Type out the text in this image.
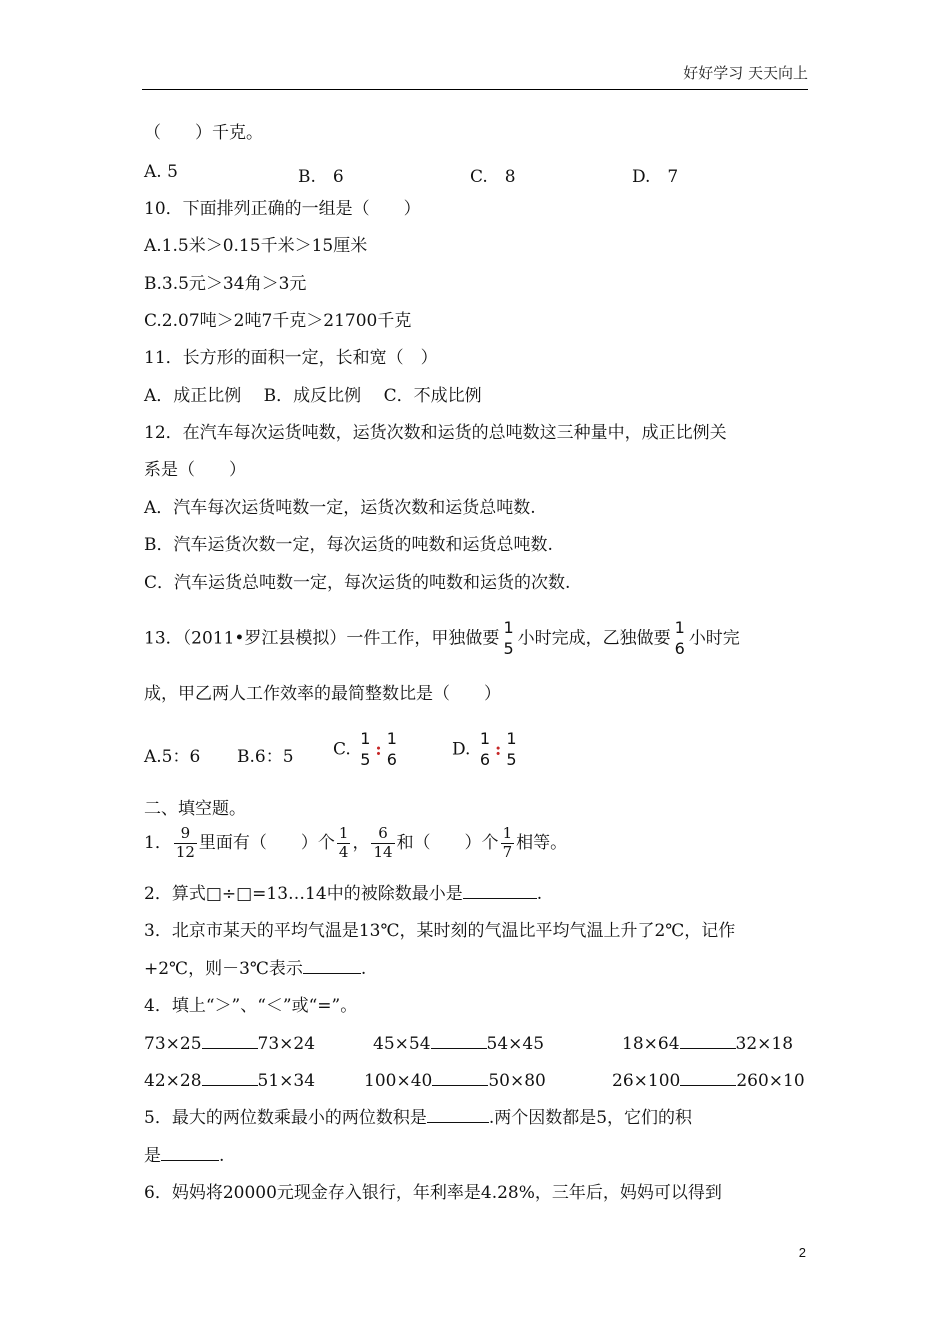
好好学习 天天向上
（　　）千克。
A. 5	B.　6	C.　8	D.　7
10．下面排列正确的一组是（　　）
A.1.5米＞0.15千米＞15厘米
B.3.5元＞34角＞3元
C.2.07吨＞2吨7千克＞21700千克
11．长方形的面积一定，长和宽（　）
A．成正比例　 B．成反比例　 C．不成比例
12．在汽车每次运货吨数，运货次数和运货的总吨数这三种量中，成正比例关
系是（　　）
A．汽车每次运货吨数一定，运货次数和运货总吨数.
B．汽车运货次数一定，每次运货的吨数和运货总吨数.
C．汽车运货总吨数一定，每次运货的吨数和运货的次数.
13．（2011•罗江县模拟）一件工作，甲独做要
1
5 小时完成，乙独做要
1
6 小时完
成，甲乙两人工作效率的最简整数比是（　　）
A.5：6 B.6：5 C.
1
5 :
1
6	D.
1
6 :
1
5
二、填空题。
1． $\frac{9}{12}$ 里面有（　　）个 $\frac{1}{4}$ ， $\frac{6}{14}$ 和（　　）个 $\frac{1}{7}$ 相等。
2．算式□÷□=13…14中的被除数最小是	.
3．北京市某天的平均气温是13℃，某时刻的气温比平均气温上升了2℃，记作
+2℃，则－3℃表示	.
4．填上“＞”、“＜”或“=”。
73×25	73×24	45×54	54×45	18×64	32×18
42×28	51×34	100×40	50×80	26×100	260×10
5．最大的两位数乘最小的两位数积是	.两个因数都是5，它们的积
是	.
6．妈妈将20000元现金存入银行，年利率是4.28%，三年后，妈妈可以得到
2
